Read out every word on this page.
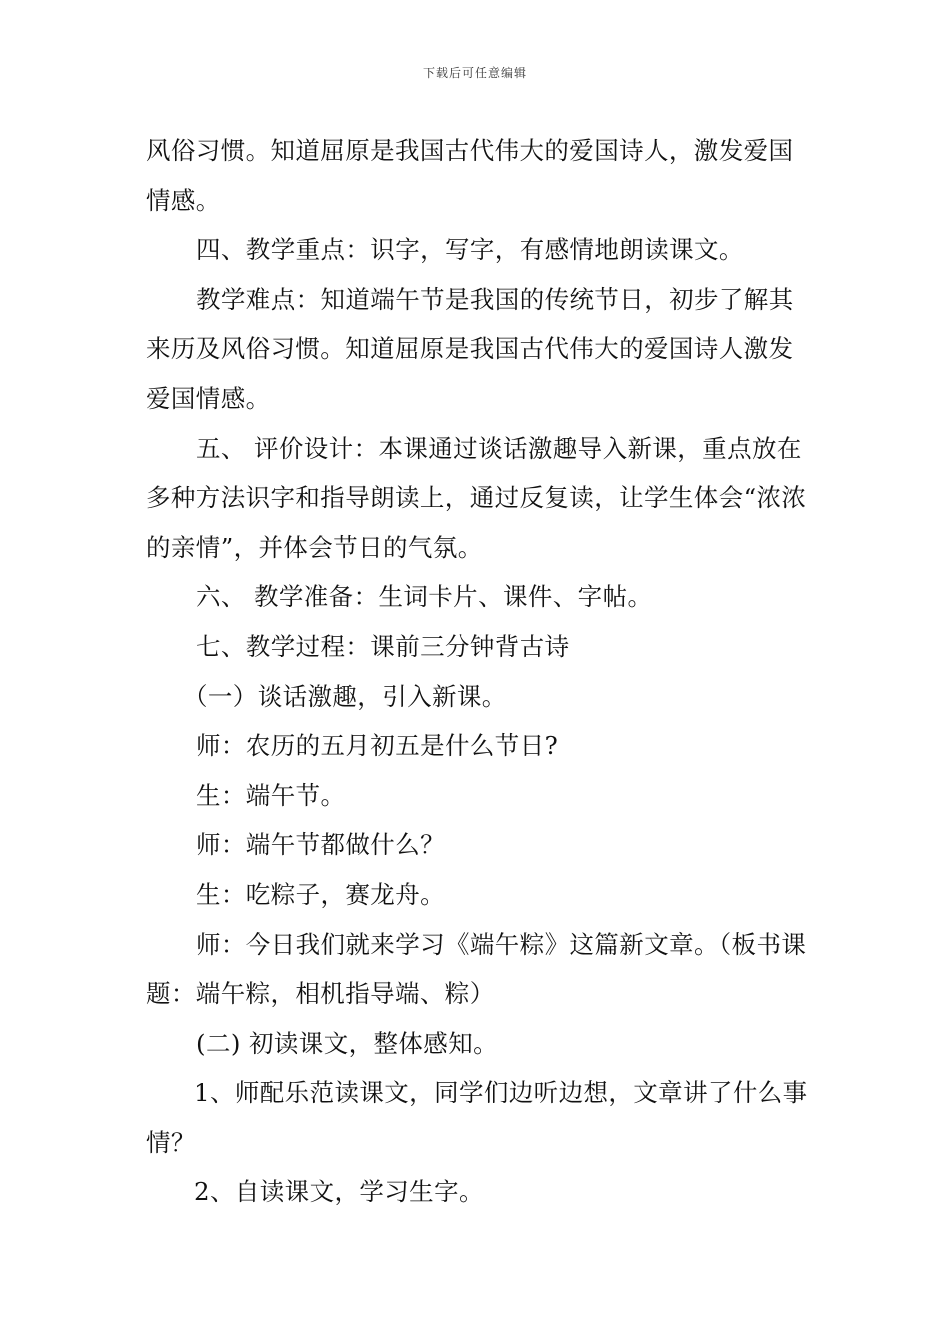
下载后可任意编辑

风俗习惯。知道屈原是我国古代伟大的爱国诗人，激发爱国情感。

四、教学重点：识字，写字，有感情地朗读课文。

教学难点：知道端午节是我国的传统节日，初步了解其来历及风俗习惯。知道屈原是我国古代伟大的爱国诗人激发爱国情感。

五、 评价设计：本课通过谈话激趣导入新课，重点放在多种方法识字和指导朗读上，通过反复读，让学生体会“浓浓的亲情”，并体会节日的气氛。

六、 教学准备：生词卡片、课件、字帖。

七、教学过程：课前三分钟背古诗

（一）谈话激趣，引入新课。

师：农历的五月初五是什么节日?

生：端午节。

师：端午节都做什么？

生：吃粽子，赛龙舟。

师：今日我们就来学习《端午粽》这篇新文章。（板书课题：端午粽，相机指导端、粽）

(二) 初读课文，整体感知。

1、师配乐范读课文，同学们边听边想，文章讲了什么事情？

2、自读课文，学习生字。
